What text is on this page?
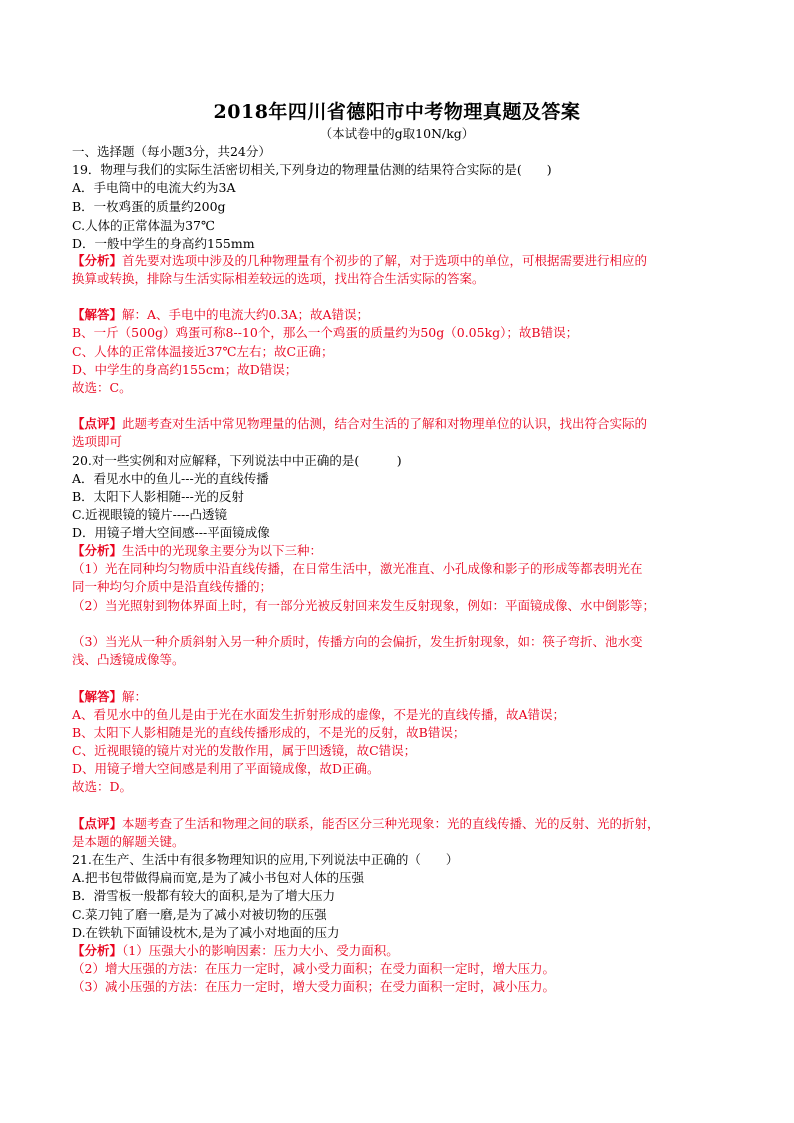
2018年四川省德阳市中考物理真题及答案
（本试卷中的g取10N/kg）
一、选择题（每小题3分，共24分）
19．物理与我们的实际生活密切相关,下列身边的物理量估测的结果符合实际的是(　　)
A．手电筒中的电流大约为3A
B．一枚鸡蛋的质量约200g
C.人体的正常体温为37℃
D．一般中学生的身高约155mm
【分析】首先要对选项中涉及的几种物理量有个初步的了解，对于选项中的单位，可根据需要进行相应的
换算或转换，排除与生活实际相差较远的选项，找出符合生活实际的答案。
【解答】解：A、手电中的电流大约0.3A；故A错误；
B、一斤（500g）鸡蛋可称8--10个，那么一个鸡蛋的质量约为50g（0.05kg）；故B错误；
C、人体的正常体温接近37℃左右；故C正确；
D、中学生的身高约155cm；故D错误；
故选：C。
【点评】此题考查对生活中常见物理量的估测，结合对生活的了解和对物理单位的认识，找出符合实际的
选项即可
20.对一些实例和对应解释，下列说法中中正确的是(　　　)
A．看见水中的鱼儿---光的直线传播
B．太阳下人影相随---光的反射
C.近视眼镜的镜片----凸透镜
D．用镜子增大空间感---平面镜成像
【分析】生活中的光现象主要分为以下三种：
（1）光在同种均匀物质中沿直线传播，在日常生活中，激光准直、小孔成像和影子的形成等都表明光在
同一种均匀介质中是沿直线传播的；
（2）当光照射到物体界面上时，有一部分光被反射回来发生反射现象，例如：平面镜成像、水中倒影等；
（3）当光从一种介质斜射入另一种介质时，传播方向的会偏折，发生折射现象，如：筷子弯折、池水变
浅、凸透镜成像等。
【解答】解：
A、看见水中的鱼儿是由于光在水面发生折射形成的虚像，不是光的直线传播，故A错误；
B、太阳下人影相随是光的直线传播形成的，不是光的反射，故B错误；
C、近视眼镜的镜片对光的发散作用，属于凹透镜，故C错误；
D、用镜子增大空间感是利用了平面镜成像，故D正确。
故选：D。
【点评】本题考查了生活和物理之间的联系，能否区分三种光现象：光的直线传播、光的反射、光的折射，
是本题的解题关键。
21.在生产、生活中有很多物理知识的应用,下列说法中正确的（　　）
A.把书包带做得扁而宽,是为了减小书包对人体的压强
B．滑雪板一般都有较大的面积,是为了增大压力
C.菜刀钝了磨一磨,是为了减小对被切物的压强
D.在铁轨下面铺设枕木,是为了减小对地面的压力
【分析】（1）压强大小的影响因素：压力大小、受力面积。
（2）增大压强的方法：在压力一定时，减小受力面积；在受力面积一定时，增大压力。
（3）减小压强的方法：在压力一定时，增大受力面积；在受力面积一定时，减小压力。
